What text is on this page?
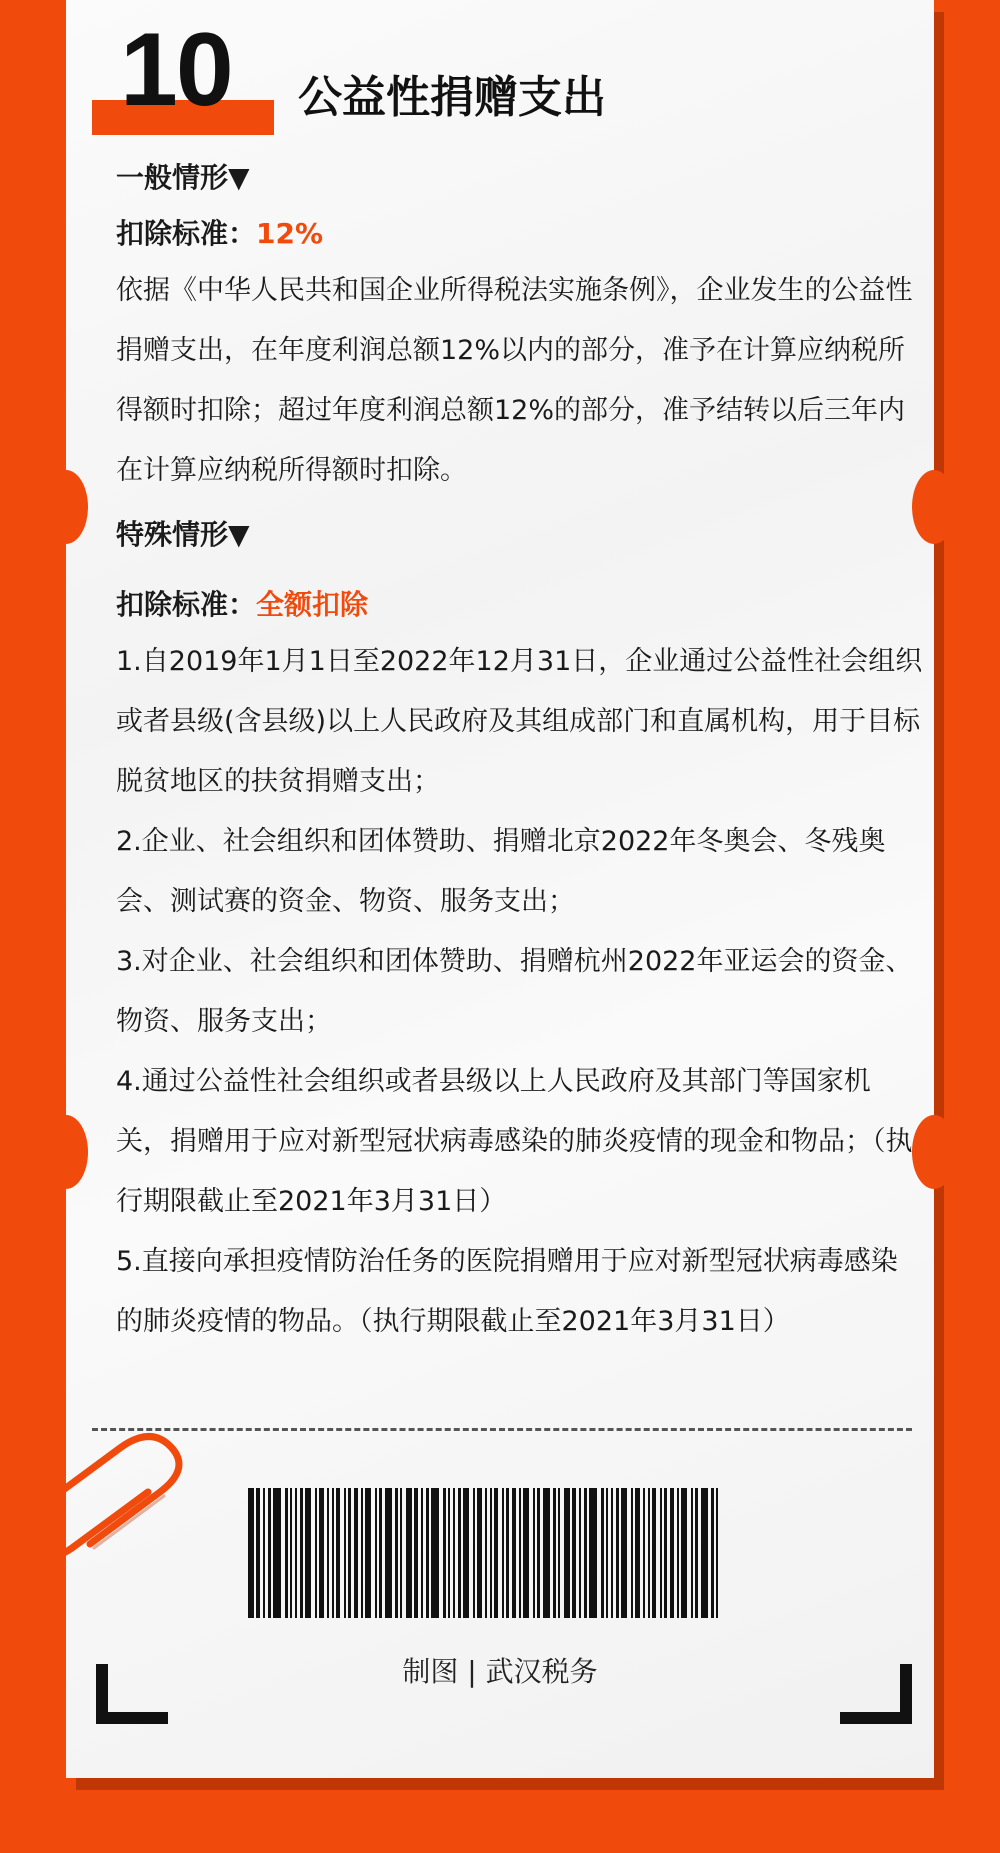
10 公益性捐赠支出
一般情形▼
扣除标准：12%

依据《中华人民共和国企业所得税法实施条例》，企业发生的公益性捐赠支出，在年度利润总额12%以内的部分，准予在计算应纳税所得额时扣除；超过年度利润总额12%的部分，准予结转以后三年内在计算应纳税所得额时扣除。

特殊情形▼
扣除标准：全额扣除

1.自2019年1月1日至2022年12月31日，企业通过公益性社会组织或者县级(含县级)以上人民政府及其组成部门和直属机构，用于目标脱贫地区的扶贫捐赠支出；

2.企业、社会组织和团体赞助、捐赠北京2022年冬奥会、冬残奥会、测试赛的资金、物资、服务支出；

3.对企业、社会组织和团体赞助、捐赠杭州2022年亚运会的资金、物资、服务支出；

4.通过公益性社会组织或者县级以上人民政府及其部门等国家机关，捐赠用于应对新型冠状病毒感染的肺炎疫情的现金和物品；（执行期限截止至2021年3月31日）

5.直接向承担疫情防治任务的医院捐赠用于应对新型冠状病毒感染的肺炎疫情的物品。（执行期限截止至2021年3月31日）

制图 | 武汉税务
